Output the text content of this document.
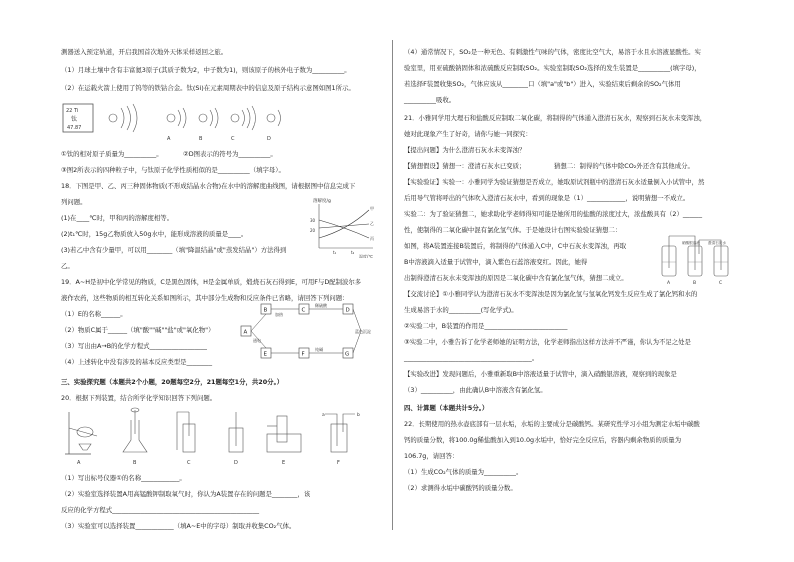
测器送入预定轨道，开启我国首次地外天体采样返回之旅。
（1）月球土壤中含有丰富氦3原子(其质子数为2，中子数为1)，则该原子的核外电子数为__________。
（2）在运载火箭上使用了钨等的铁钴合金。钛(Si)在元素周期表中的信息及原子结构示意图如图1所示。
22 Ti
钛
47.87
A	B	C	D
①钛的相对原子质量为__________。	②D图表示的符号为__________。
③图2所表示的四种粒子中，与钛原子化学性质相似的是__________（填字母）。
18．下图是甲、乙、丙三种固体物质(不形成结晶水合物)在水中的溶解度曲线图，请根据图中信息完成下
列问题。
(1)在____℃时，甲和丙的溶解度相等。
(2)t₁℃时，15g乙物质放入50g水中，能形成溶液的质量是____。
(3)若乙中含有少量甲，可以用________（填"降温结晶"或"蒸发结晶"）方法得到
乙。
溶解度/g
甲
乙
丙
30
20
t₁	t₂
温度/℃
19．A~H是初中化学常见的物质，C是黑色固体，H是金属单质，煅烧石灰石得到E，可用F与D配制波尔多
液作农药，这些物质的相互转化关系如图所示，其中部分生成物和反应条件已省略，请回答下列问题：
（1）E的名称______。
（2）物质C属于______（填"酸""碱""盐"或"氧化物"）
（3）写出由A→B的化学方程式__________________
（4）上述转化中没有涉及的基本反应类型是________
B	C	D
A
E	F	G
加热
稀硫酸
通电
纯碱
蓝色沉淀
三、实验探究题（本题共2个小题，20题每空2分，21题每空1分，共20分。）
20．根据下列装置，结合所学化学知识回答下列问题。
a	b
A	B	C	D	E	F
（1）写出标号仪器①的名称____________。
（2）实验室选择装置A用高锰酸钾制取氧气时，你认为A装置存在的问题是________，该
反应的化学方程式______________________________________________
（3）实验室可以选择装置____________（填A~E中的字母）制取并收集CO₂气体。
（4）通常情况下，SO₂是一种无色、有刺激性气味的气体，密度比空气大，易溶于水且水溶液显酸性。实
验室里，用亚硫酸钠固体和浓硫酸反应制取SO₂。实验室制取SO₂选择的发生装置是__________(填字母)，
若选择F装置收集SO₂，气体应该从________口（填"a"或"b"）进入，实验结束后剩余的SO₂气体用
__________吸收。
21．小雅同学用大理石和盐酸反应制取二氧化碳，将制得的气体通入澄清石灰水，观察到石灰水未变浑浊，
她对此现象产生了好奇，请你与她一同探究：
【提出问题】为什么澄清石灰水未变浑浊？
【猜想假设】猜想一：澄清石灰水已变质；	猜想二：制得的气体中除CO₂外还含有其他成分。
【实验验证】实验一：小雅同学为验证猜想是否成立，她取原试剂瓶中的澄清石灰水适量倒入小试管中，然
后用导气管将呼出的气体吹入澄清石灰水中，看到的现象是（1）____________，说明猜想一不成立。
实验二：为了验证猜想二，她求助化学老师得知可能是她所用的盐酸的浓度过大，浓盐酸具有（2）______
性，使制得的二氧化碳中混有氯化氢气体。于是她设计右图实验验证猜想二：
如图，将A装置连接B装置后，将制得的气体通入C中，C中石灰水变浑浊，再取
B中溶液滴入适量于试管中，滴入紫色石蕊溶液变红。因此，她得
出制得澄清石灰水未变浑浊的原因是二氧化碳中含有氯化氢气体，猜想二成立。
A	B	C
硝酸银溶液 澄清石灰水
【交流讨论】①小雅同学认为澄清石灰水不变浑浊是因为氯化氢与氢氧化钙发生反应生成了氯化钙和水的
生成易溶于水的__________(写化学式)。
②实验二中，B装置的作用是__________________________
③实验二中，小雅告诉了化学老师她的证明方法，化学老师指出这样方法并不严谨，你认为不足之处是
________________________________________。
【实验改进】发现问题后，小雅重新取B中溶液适量于试管中，滴入硝酸银溶液，观察到的现象是
（3）__________，由此确认B中溶液含有氯化氢。
四、计算题（本题共计5分。）
22．长期使用的热水壶底部有一层水垢，水垢的主要成分是碳酸钙。某研究性学习小组为测定水垢中碳酸
钙的质量分数，将100.0g稀盐酸加入到10.0g水垢中，恰好完全反应后，容器内剩余物质的质量为
106.7g，请回答：
（1）生成CO₂气体的质量为__________。
（2）求测得水垢中碳酸钙的质量分数。
